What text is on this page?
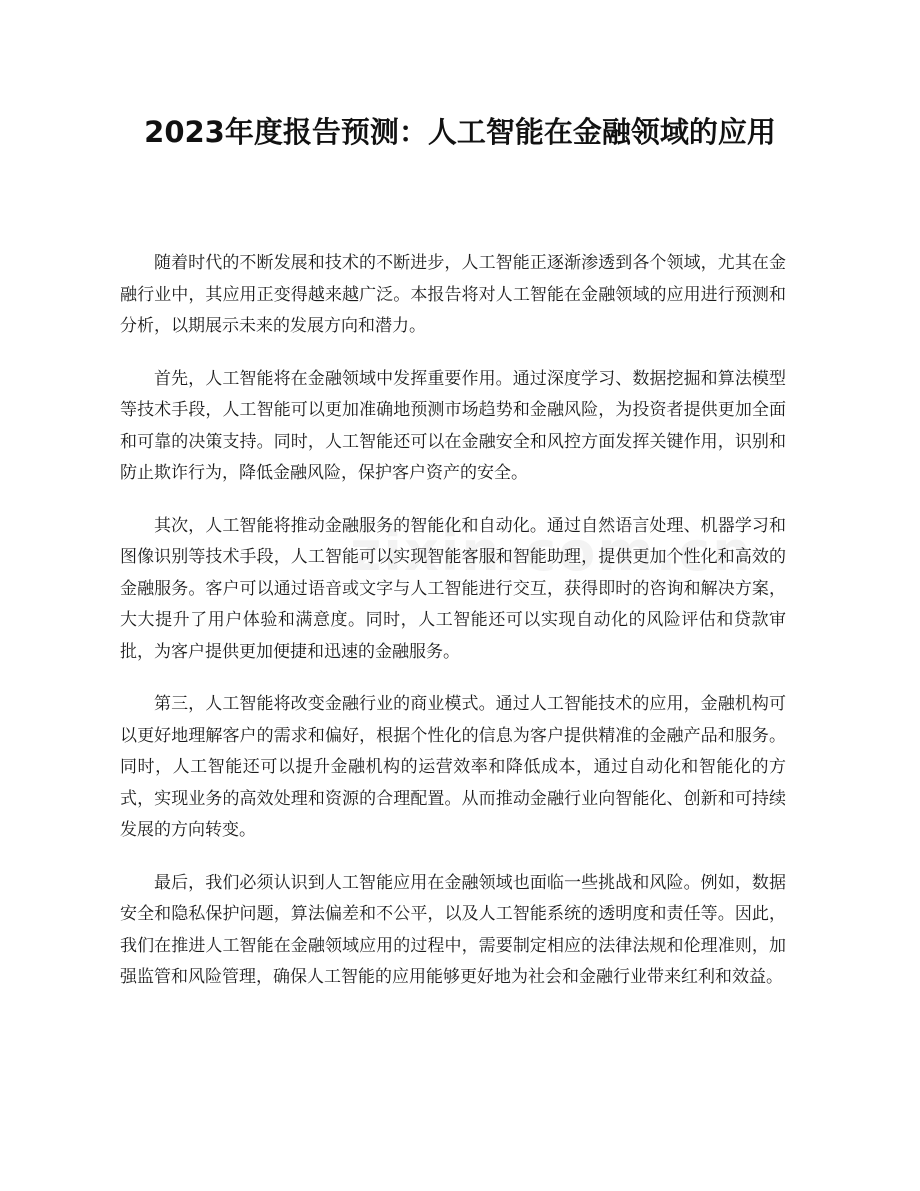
2023年度报告预测：人工智能在金融领域的应用

随着时代的不断发展和技术的不断进步，人工智能正逐渐渗透到各个领域，尤其在金融行业中，其应用正变得越来越广泛。本报告将对人工智能在金融领域的应用进行预测和分析，以期展示未来的发展方向和潜力。

首先，人工智能将在金融领域中发挥重要作用。通过深度学习、数据挖掘和算法模型等技术手段，人工智能可以更加准确地预测市场趋势和金融风险，为投资者提供更加全面和可靠的决策支持。同时，人工智能还可以在金融安全和风控方面发挥关键作用，识别和防止欺诈行为，降低金融风险，保护客户资产的安全。

其次，人工智能将推动金融服务的智能化和自动化。通过自然语言处理、机器学习和图像识别等技术手段，人工智能可以实现智能客服和智能助理，提供更加个性化和高效的金融服务。客户可以通过语音或文字与人工智能进行交互，获得即时的咨询和解决方案，大大提升了用户体验和满意度。同时，人工智能还可以实现自动化的风险评估和贷款审批，为客户提供更加便捷和迅速的金融服务。

第三，人工智能将改变金融行业的商业模式。通过人工智能技术的应用，金融机构可以更好地理解客户的需求和偏好，根据个性化的信息为客户提供精准的金融产品和服务。同时，人工智能还可以提升金融机构的运营效率和降低成本，通过自动化和智能化的方式，实现业务的高效处理和资源的合理配置。从而推动金融行业向智能化、创新和可持续发展的方向转变。

最后，我们必须认识到人工智能应用在金融领域也面临一些挑战和风险。例如，数据安全和隐私保护问题，算法偏差和不公平，以及人工智能系统的透明度和责任等。因此，我们在推进人工智能在金融领域应用的过程中，需要制定相应的法律法规和伦理准则，加强监管和风险管理，确保人工智能的应用能够更好地为社会和金融行业带来红利和效益。
